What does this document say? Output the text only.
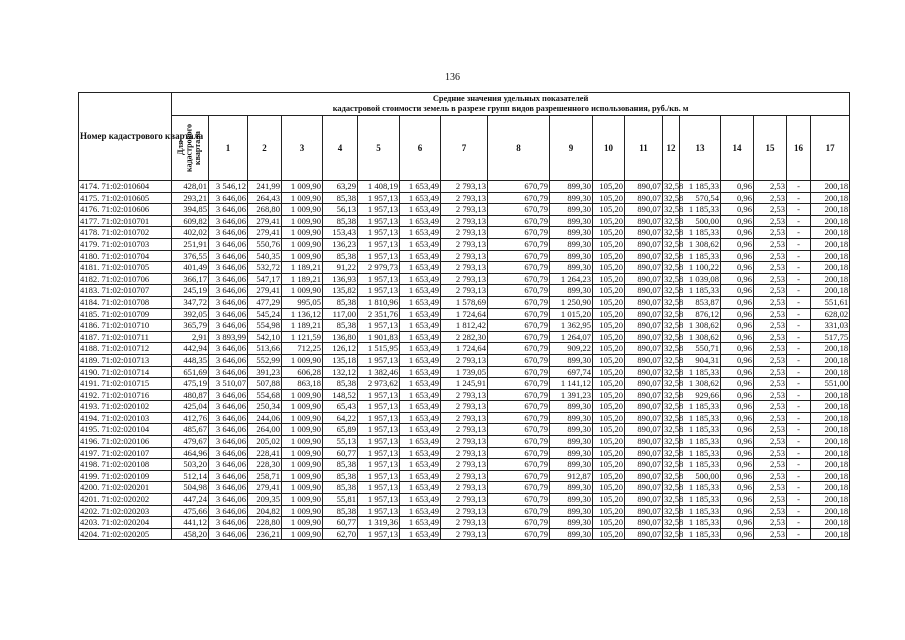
136
Номер кадастрового квартала	Средние значения удельных показателей
кадастровой стоимости земель в разрезе групп видов разрешенного использования, руб./кв. м																	

	Для кадастрового квартала	1	2	3	4	5	6	7	8	9	10	11	12	13	14	15	16	17
4174. 71:02:010604	428,01	3 546,12	241,99	1 009,90	63,29	1 408,19	1 653,49	2 793,13	670,79	899,30	105,20	890,07	32,58	1 185,33	0,96	2,53	-	200,18
4175. 71:02:010605	293,21	3 646,06	264,43	1 009,90	85,38	1 957,13	1 653,49	2 793,13	670,79	899,30	105,20	890,07	32,58	570,54	0,96	2,53	-	200,18
4176. 71:02:010606	394,85	3 646,06	268,80	1 009,90	56,13	1 957,13	1 653,49	2 793,13	670,79	899,30	105,20	890,07	32,58	1 185,33	0,96	2,53	-	200,18
4177. 71:02:010701	609,82	3 646,06	279,41	1 009,90	85,38	1 957,13	1 653,49	2 793,13	670,79	899,30	105,20	890,07	32,58	500,00	0,96	2,53	-	200,18
4178. 71:02:010702	402,02	3 646,06	279,41	1 009,90	153,43	1 957,13	1 653,49	2 793,13	670,79	899,30	105,20	890,07	32,58	1 185,33	0,96	2,53	-	200,18
4179. 71:02:010703	251,91	3 646,06	550,76	1 009,90	136,23	1 957,13	1 653,49	2 793,13	670,79	899,30	105,20	890,07	32,58	1 308,62	0,96	2,53	-	200,18
4180. 71:02:010704	376,55	3 646,06	540,35	1 009,90	85,38	1 957,13	1 653,49	2 793,13	670,79	899,30	105,20	890,07	32,58	1 185,33	0,96	2,53	-	200,18
4181. 71:02:010705	401,49	3 646,06	532,72	1 189,21	91,22	2 979,73	1 653,49	2 793,13	670,79	899,30	105,20	890,07	32,58	1 100,22	0,96	2,53	-	200,18
4182. 71:02:010706	366,17	3 646,06	547,17	1 189,21	136,93	1 957,13	1 653,49	2 793,13	670,79	1 264,23	105,20	890,07	32,58	1 039,08	0,96	2,53	-	200,18
4183. 71:02:010707	245,19	3 646,06	279,41	1 009,90	135,82	1 957,13	1 653,49	2 793,13	670,79	899,30	105,20	890,07	32,58	1 185,33	0,96	2,53	-	200,18
4184. 71:02:010708	347,72	3 646,06	477,29	995,05	85,38	1 810,96	1 653,49	1 578,69	670,79	1 250,90	105,20	890,07	32,58	853,87	0,96	2,53	-	551,61
4185. 71:02:010709	392,05	3 646,06	545,24	1 136,12	117,00	2 351,76	1 653,49	1 724,64	670,79	1 015,20	105,20	890,07	32,58	876,12	0,96	2,53	-	628,02
4186. 71:02:010710	365,79	3 646,06	554,98	1 189,21	85,38	1 957,13	1 653,49	1 812,42	670,79	1 362,95	105,20	890,07	32,58	1 308,62	0,96	2,53	-	331,03
4187. 71:02:010711	2,91	3 893,99	542,10	1 121,59	136,80	1 901,83	1 653,49	2 282,30	670,79	1 264,07	105,20	890,07	32,58	1 308,62	0,96	2,53	-	517,75
4188. 71:02:010712	442,94	3 646,06	513,66	712,25	126,12	1 515,95	1 653,49	1 724,64	670,79	909,22	105,20	890,07	32,58	550,71	0,96	2,53	-	200,18
4189. 71:02:010713	448,35	3 646,06	552,99	1 009,90	135,18	1 957,13	1 653,49	2 793,13	670,79	899,30	105,20	890,07	32,58	904,31	0,96	2,53	-	200,18
4190. 71:02:010714	651,69	3 646,06	391,23	606,28	132,12	1 382,46	1 653,49	1 739,05	670,79	697,74	105,20	890,07	32,58	1 185,33	0,96	2,53	-	200,18
4191. 71:02:010715	475,19	3 510,07	507,88	863,18	85,38	2 973,62	1 653,49	1 245,91	670,79	1 141,12	105,20	890,07	32,58	1 308,62	0,96	2,53	-	551,00
4192. 71:02:010716	480,87	3 646,06	554,68	1 009,90	148,52	1 957,13	1 653,49	2 793,13	670,79	1 391,23	105,20	890,07	32,58	929,66	0,96	2,53	-	200,18
4193. 71:02:020102	425,04	3 646,06	250,34	1 009,90	65,43	1 957,13	1 653,49	2 793,13	670,79	899,30	105,20	890,07	32,58	1 185,33	0,96	2,53	-	200,18
4194. 71:02:020103	412,76	3 646,06	244,06	1 009,90	64,22	1 957,13	1 653,49	2 793,13	670,79	899,30	105,20	890,07	32,58	1 185,33	0,96	2,53	-	200,18
4195. 71:02:020104	485,67	3 646,06	264,00	1 009,90	65,89	1 957,13	1 653,49	2 793,13	670,79	899,30	105,20	890,07	32,58	1 185,33	0,96	2,53	-	200,18
4196. 71:02:020106	479,67	3 646,06	205,02	1 009,90	55,13	1 957,13	1 653,49	2 793,13	670,79	899,30	105,20	890,07	32,58	1 185,33	0,96	2,53	-	200,18
4197. 71:02:020107	464,96	3 646,06	228,41	1 009,90	60,77	1 957,13	1 653,49	2 793,13	670,79	899,30	105,20	890,07	32,58	1 185,33	0,96	2,53	-	200,18
4198. 71:02:020108	503,20	3 646,06	228,30	1 009,90	85,38	1 957,13	1 653,49	2 793,13	670,79	899,30	105,20	890,07	32,58	1 185,33	0,96	2,53	-	200,18
4199. 71:02:020109	512,14	3 646,06	258,71	1 009,90	85,38	1 957,13	1 653,49	2 793,13	670,79	912,87	105,20	890,07	32,58	500,00	0,96	2,53	-	200,18
4200. 71:02:020201	504,98	3 646,06	279,41	1 009,90	85,38	1 957,13	1 653,49	2 793,13	670,79	899,30	105,20	890,07	32,58	1 185,33	0,96	2,53	-	200,18
4201. 71:02:020202	447,24	3 646,06	209,35	1 009,90	55,81	1 957,13	1 653,49	2 793,13	670,79	899,30	105,20	890,07	32,58	1 185,33	0,96	2,53	-	200,18
4202. 71:02:020203	475,66	3 646,06	204,82	1 009,90	85,38	1 957,13	1 653,49	2 793,13	670,79	899,30	105,20	890,07	32,58	1 185,33	0,96	2,53	-	200,18
4203. 71:02:020204	441,12	3 646,06	228,80	1 009,90	60,77	1 319,36	1 653,49	2 793,13	670,79	899,30	105,20	890,07	32,58	1 185,33	0,96	2,53	-	200,18
4204. 71:02:020205	458,20	3 646,06	236,21	1 009,90	62,70	1 957,13	1 653,49	2 793,13	670,79	899,30	105,20	890,07	32,58	1 185,33	0,96	2,53	-	200,18
